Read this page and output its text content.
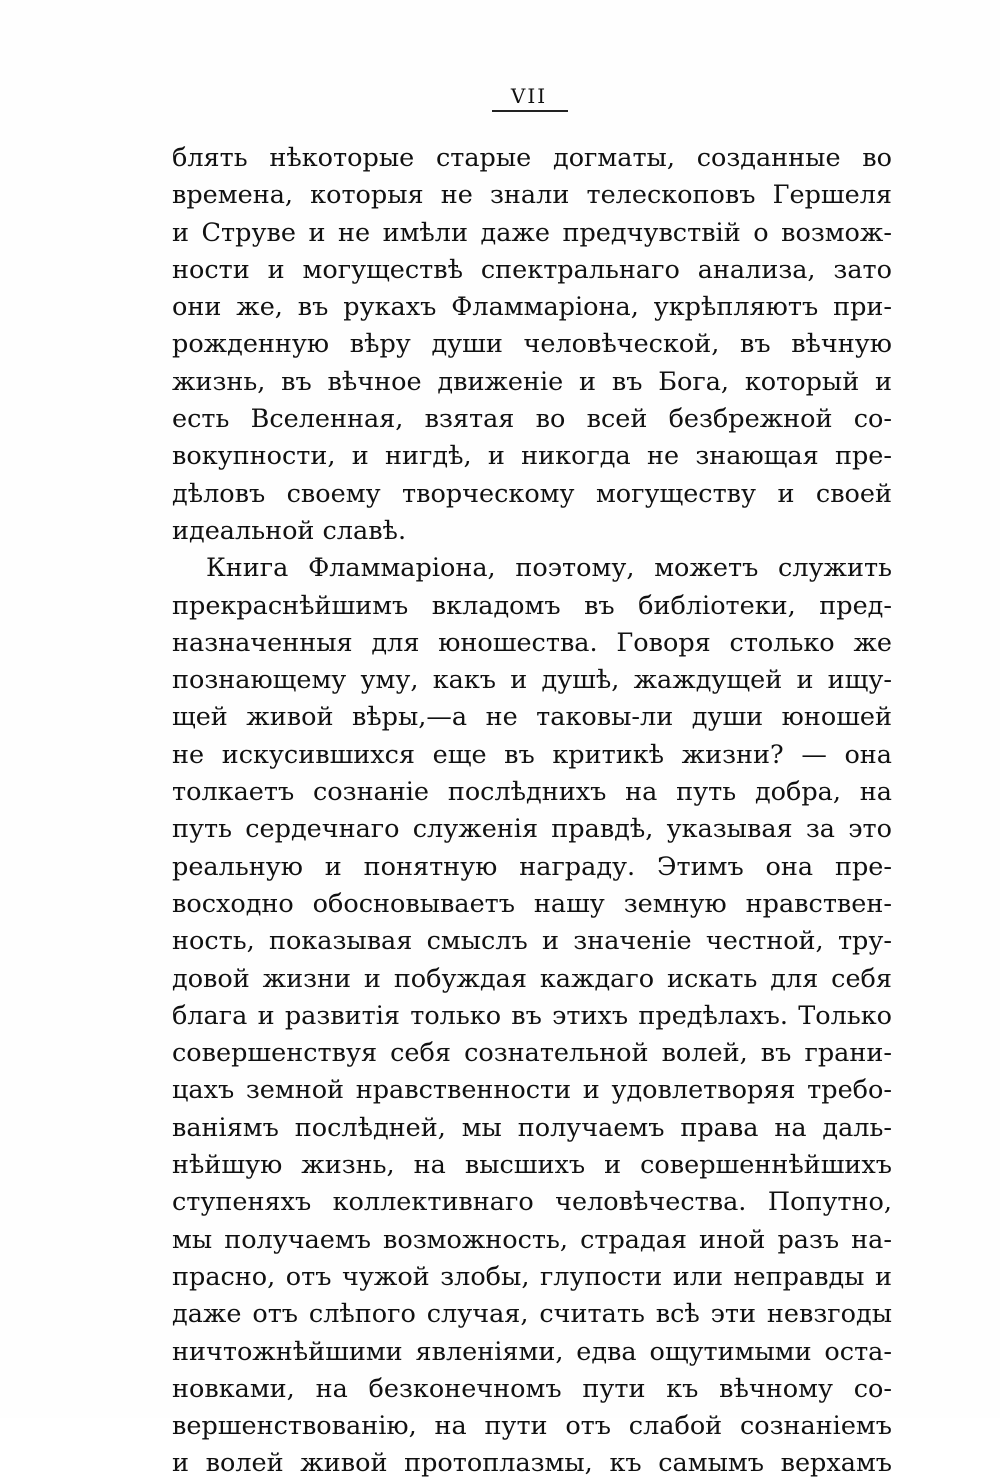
VII
блять нѣкоторые старые догматы, созданные во
времена, которыя не знали телескоповъ Гершеля
и Струве и не имѣли даже предчувствій о возмож-
ности и могуществѣ спектральнаго анализа, зато
они же, въ рукахъ Фламмаріона, укрѣпляютъ при-
рожденную вѣру души человѣческой, въ вѣчную
жизнь, въ вѣчное движеніе и въ Бога, который и
есть Вселенная, взятая во всей безбрежной со-
вокупности, и нигдѣ, и никогда не знающая пре-
дѣловъ своему творческому могуществу и своей
идеальной славѣ.
Книга Фламмаріона, поэтому, можетъ служить
прекраснѣйшимъ вкладомъ въ библіотеки, пред-
назначенныя для юношества. Говоря столько же
познающему уму, какъ и душѣ, жаждущей и ищу-
щей живой вѣры,—а не таковы-ли души юношей
не искусившихся еще въ критикѣ жизни? — она
толкаетъ сознаніе послѣднихъ на путь добра, на
путь сердечнаго служенія правдѣ, указывая за это
реальную и понятную награду. Этимъ она пре-
восходно обосновываетъ нашу земную нравствен-
ность, показывая смыслъ и значеніе честной, тру-
довой жизни и побуждая каждаго искать для себя
блага и развитія только въ этихъ предѣлахъ. Только
совершенствуя себя сознательной волей, въ грани-
цахъ земной нравственности и удовлетворяя требо-
ваніямъ послѣдней, мы получаемъ права на даль-
нѣйшую жизнь, на высшихъ и совершеннѣйшихъ
ступеняхъ коллективнаго человѣчества. Попутно,
мы получаемъ возможность, страдая иной разъ на-
прасно, отъ чужой злобы, глупости или неправды и
даже отъ слѣпого случая, считать всѣ эти невзгоды
ничтожнѣйшими явленіями, едва ощутимыми оста-
новками, на безконечномъ пути къ вѣчному со-
вершенствованію, на пути отъ слабой сознаніемъ
и волей живой протоплазмы, къ самымъ верхамъ
